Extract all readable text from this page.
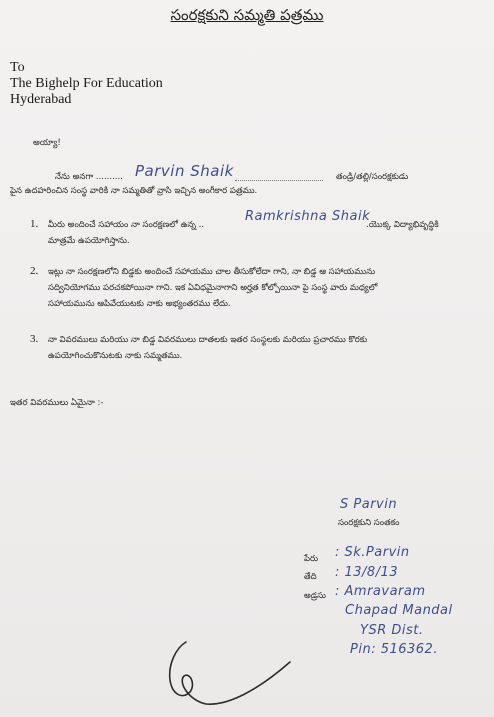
సంరక్షకుని సమ్మతి పత్రము
To
The Bighelp For Education
Hyderabad
అయ్యా!
నేను అనగా .......... Parvin Shaik	తండ్రి/తల్లి/సంరక్షకుడు
పైన ఉదహరించిన సంస్థ వారికి నా సమ్మతితో వ్రాసి ఇచ్చిన అంగీకార పత్రము.
1. మీరు అందించే సహాయం నా సంరక్షణలో ఉన్న ..
Ramkrishna Shaik
.యొక్క విద్యాభివృద్ధికి
మాత్రమే ఉపయోగిస్తాను.
2. ఇట్లు నా సంరక్షణలోని బిడ్డకు అందించే సహాయము చాల తీసుకోలేదా గాని, నా బిడ్డ ఆ సహాయమును
సద్వినియోగము పరచకపోయినా గాని. ఇక ఏవిధమైనాగాని అర్హత కోల్పోయినా పై సంస్థ వారు మధ్యలో
సహాయమును ఆపివేయుటకు నాకు అభ్యంతరము లేదు.
3. నా వివరములు మరియు నా బిడ్డ వివరములు దాతలకు ఇతర సంస్థలకు మరియు ప్రచారము కొరకు
ఉపయోగించుకొనుటకు నాకు సమ్మతము.
ఇతర వివరములు ఏమైనా :-
S Parvin
సంరక్షకుని సంతకం
పేరు : Sk.Parvin
తేది : 13/8/13
అడ్రసు : Amravaram
Chapad Mandal
YSR Dist.
Pin: 516362.
